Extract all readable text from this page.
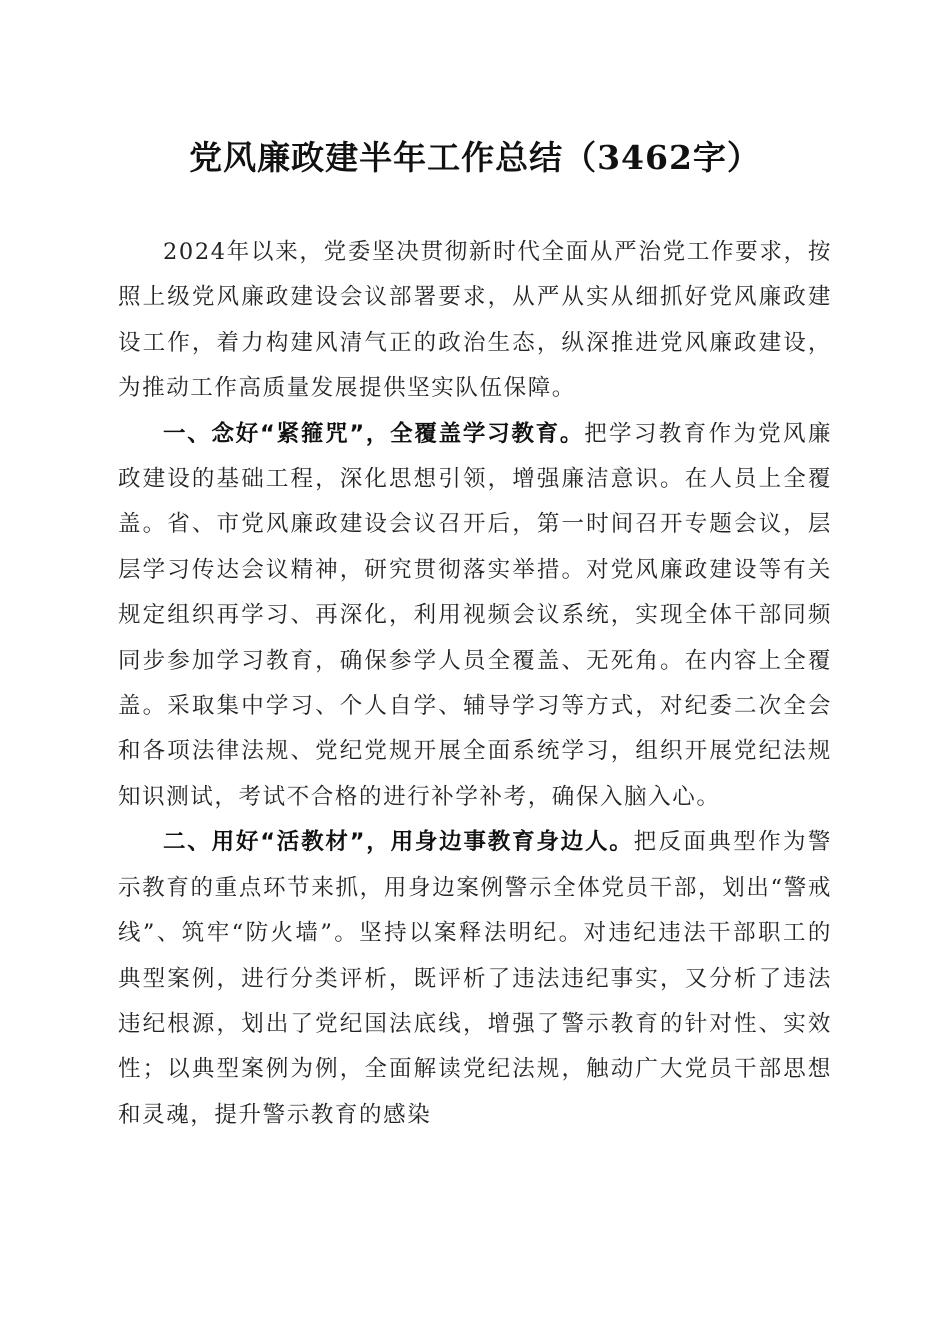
党风廉政建半年工作总结（3462字）

2024年以来，党委坚决贯彻新时代全面从严治党工作要求，按照上级党风廉政建设会议部署要求，从严从实从细抓好党风廉政建设工作，着力构建风清气正的政治生态，纵深推进党风廉政建设，为推动工作高质量发展提供坚实队伍保障。

一、念好“紧箍咒”，全覆盖学习教育。把学习教育作为党风廉政建设的基础工程，深化思想引领，增强廉洁意识。在人员上全覆盖。省、市党风廉政建设会议召开后，第一时间召开专题会议，层层学习传达会议精神，研究贯彻落实举措。对党风廉政建设等有关规定组织再学习、再深化，利用视频会议系统，实现全体干部同频同步参加学习教育，确保参学人员全覆盖、无死角。在内容上全覆盖。采取集中学习、个人自学、辅导学习等方式，对纪委二次全会和各项法律法规、党纪党规开展全面系统学习，组织开展党纪法规知识测试，考试不合格的进行补学补考，确保入脑入心。

二、用好“活教材”，用身边事教育身边人。把反面典型作为警示教育的重点环节来抓，用身边案例警示全体党员干部，划出“警戒线”、筑牢“防火墙”。坚持以案释法明纪。对违纪违法干部职工的典型案例，进行分类评析，既评析了违法违纪事实，又分析了违法违纪根源，划出了党纪国法底线，增强了警示教育的针对性、实效性；以典型案例为例，全面解读党纪法规，触动广大党员干部思想和灵魂，提升警示教育的感染
